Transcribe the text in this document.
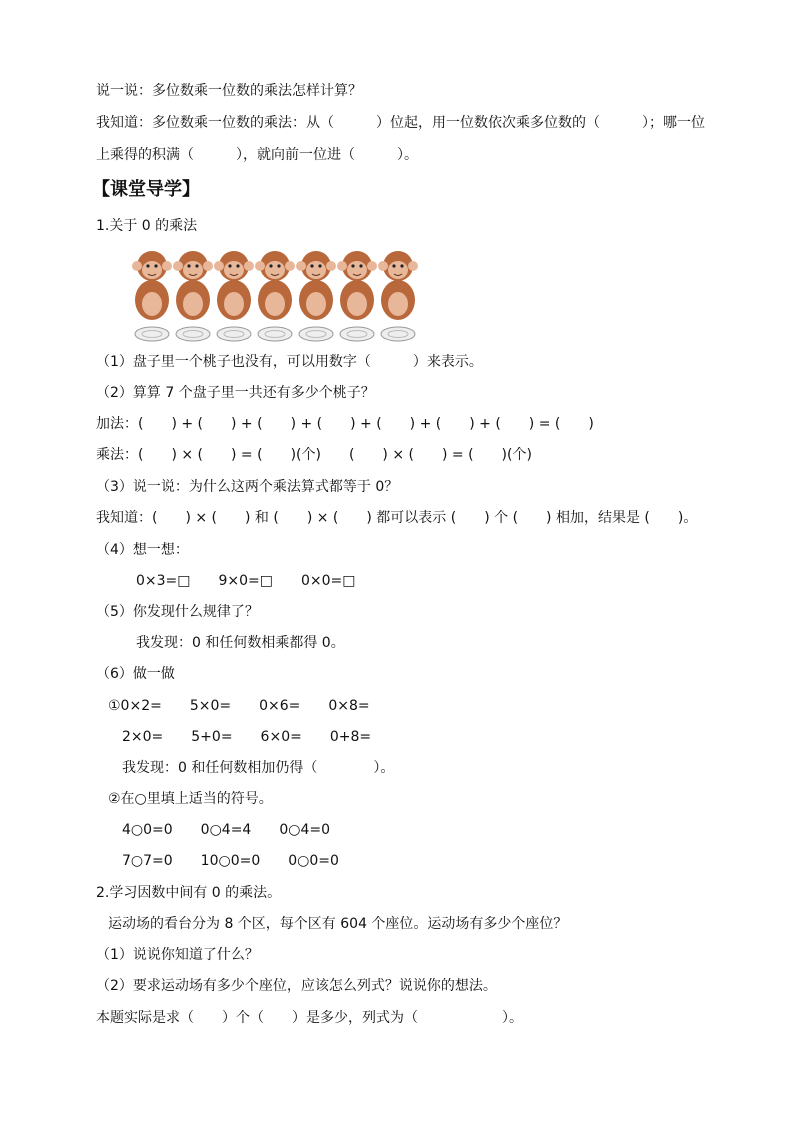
说一说：多位数乘一位数的乘法怎样计算？
我知道：多位数乘一位数的乘法：从（　　　）位起，用一位数依次乘多位数的（　　　）；哪一位
上乘得的积满（　　　），就向前一位进（　　　）。
【课堂导学】
1.关于 0 的乘法
（1）盘子里一个桃子也没有，可以用数字（　　　）来表示。
（2）算算 7 个盘子里一共还有多少个桃子？
加法：(　　) + (　　) + (　　) + (　　) + (　　) + (　　) + (　　) = (　　)
乘法：(　　) × (　　) = (　　)(个)　　(　　) × (　　) = (　　)(个)
（3）说一说：为什么这两个乘法算式都等于 0？
我知道：(　　) × (　　) 和 (　　) × (　　) 都可以表示 (　　) 个 (　　) 相加，结果是 (　　)。
（4）想一想：
0×3=□　　9×0=□　　0×0=□
（5）你发现什么规律了？
我发现：0 和任何数相乘都得 0。
（6）做一做
①0×2=　　5×0=　　0×6=　　0×8=
2×0=　　5+0=　　6×0=　　0+8=
我发现：0 和任何数相加仍得（　　　　）。
②在○里填上适当的符号。
4○0=0　　0○4=4　　0○4=0
7○7=0　　10○0=0　　0○0=0
2.学习因数中间有 0 的乘法。
运动场的看台分为 8 个区，每个区有 604 个座位。运动场有多少个座位？
（1）说说你知道了什么？
（2）要求运动场有多少个座位，应该怎么列式？说说你的想法。
本题实际是求（　　）个（　　）是多少，列式为（　　　　　　）。
